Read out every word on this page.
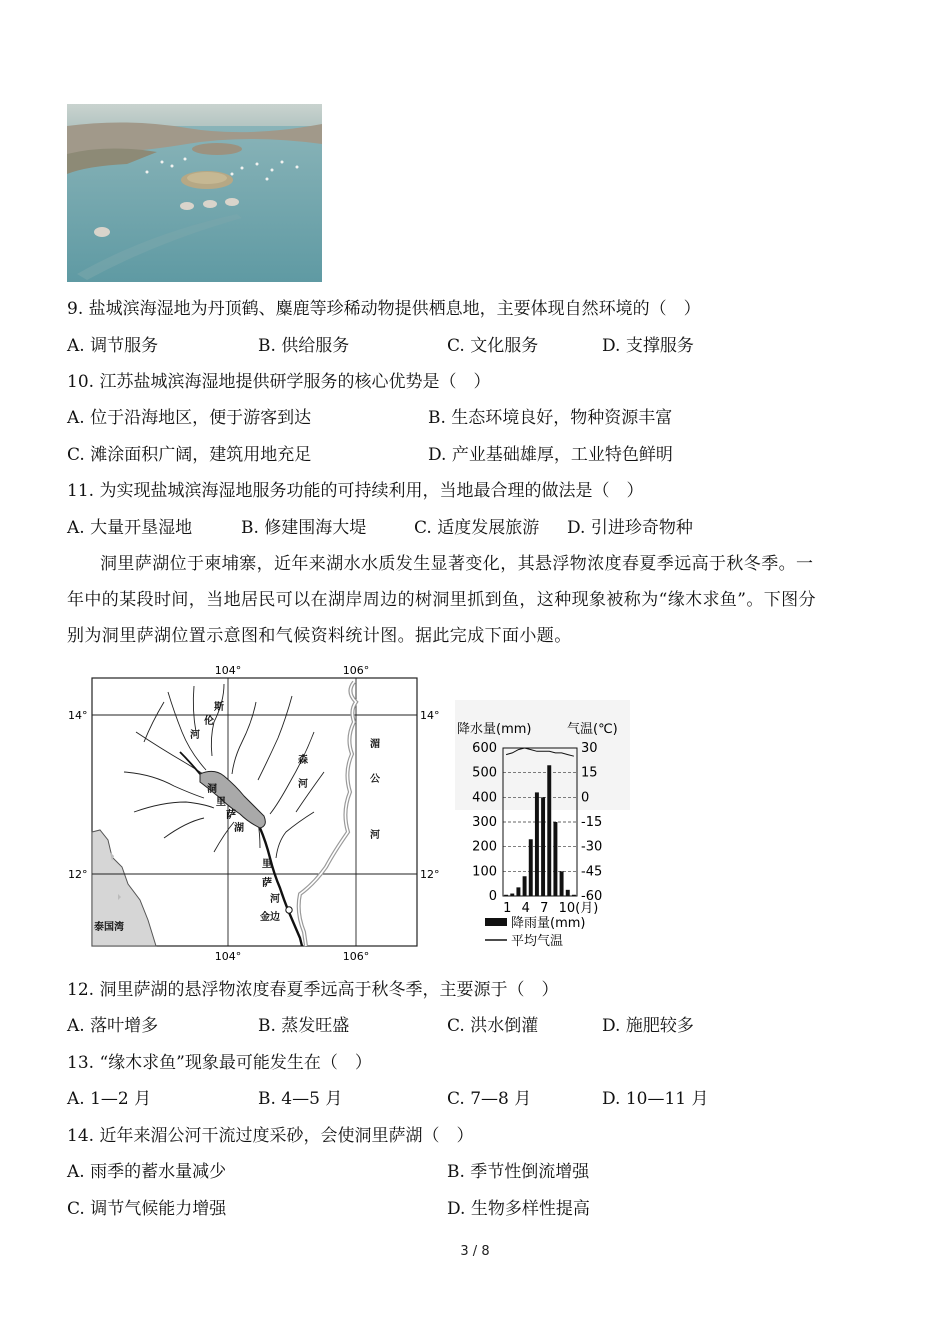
9. 盐城滨海湿地为丹顶鹤、麋鹿等珍稀动物提供栖息地，主要体现自然环境的（　）
A. 调节服务	B. 供给服务	C. 文化服务	D. 支撑服务
10. 江苏盐城滨海湿地提供研学服务的核心优势是（　）
A. 位于沿海地区，便于游客到达	B. 生态环境良好，物种资源丰富
C. 滩涂面积广阔，建筑用地充足	D. 产业基础雄厚，工业特色鲜明
11. 为实现盐城滨海湿地服务功能的可持续利用，当地最合理的做法是（　）
A. 大量开垦湿地	B. 修建围海大堤	C. 适度发展旅游 D. 引进珍奇物种
洞里萨湖位于柬埔寨，近年来湖水水质发生显著变化，其悬浮物浓度春夏季远高于秋冬季。一
年中的某段时间，当地居民可以在湖岸周边的树洞里抓到鱼，这种现象被称为“缘木求鱼”。下图分
别为洞里萨湖位置示意图和气候资料统计图。据此完成下面小题。
104°	106°
104°	106°
14°	14°
12°	12°
斯
伦
河
洞
里
萨
湖
森
河
湄
公
河
里
萨
河
金边
泰国湾
降水量(mm)	气温(℃)
600	30
500	15
400	0
300	-15
200	-30
100	-45
0	-60
1 4 7 10(月)
降雨量(mm)
平均气温
12. 洞里萨湖的悬浮物浓度春夏季远高于秋冬季，主要源于（　）
A. 落叶增多	B. 蒸发旺盛	C. 洪水倒灌	D. 施肥较多
13. “缘木求鱼”现象最可能发生在（　）
A. 1—2 月	B. 4—5 月	C. 7—8 月	D. 10—11 月
14. 近年来湄公河干流过度采砂，会使洞里萨湖（　）
A. 雨季的蓄水量减少	B. 季节性倒流增强
C. 调节气候能力增强	D. 生物多样性提高
3 / 8
